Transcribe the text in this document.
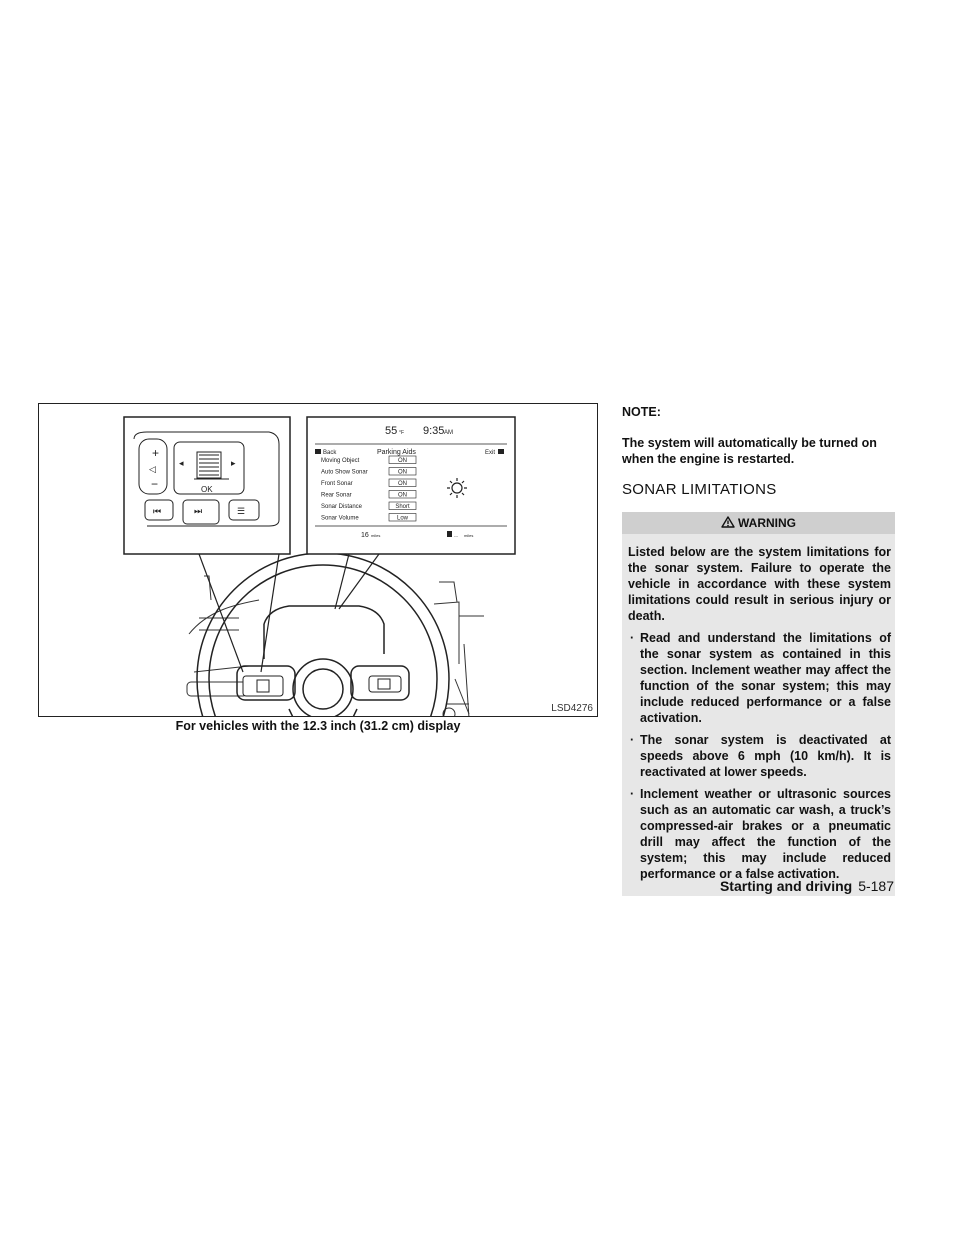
+
−	OK
◁
◂	▸
⏮	⏭	☰
55 °F 9:35 AM
Back	Parking Aids	Exit
Moving Object	ON
Auto Show Sonar	ON
Front Sonar	ON
Rear Sonar	ON
Sonar Distance	Short
Sonar Volume	Low
16 miles	--- miles
LSD4276
For vehicles with the 12.3 inch (31.2 cm) display
NOTE:
The system will automatically be turned on when the engine is restarted.
SONAR LIMITATIONS
WARNING

Listed below are the system limitations for the sonar system. Failure to operate the vehicle in accordance with these system limitations could result in serious injury or death.

· Read and understand the limitations of the sonar system as contained in this section. Inclement weather may affect the function of the sonar system; this may include reduced performance or a false activation.
· The sonar system is deactivated at speeds above 6 mph (10 km/h). It is reactivated at lower speeds.
· Inclement weather or ultrasonic sources such as an automatic car wash, a truck’s compressed-air brakes or a pneumatic drill may affect the function of the system; this may include reduced performance or a false activation.
Starting and driving 5-187
